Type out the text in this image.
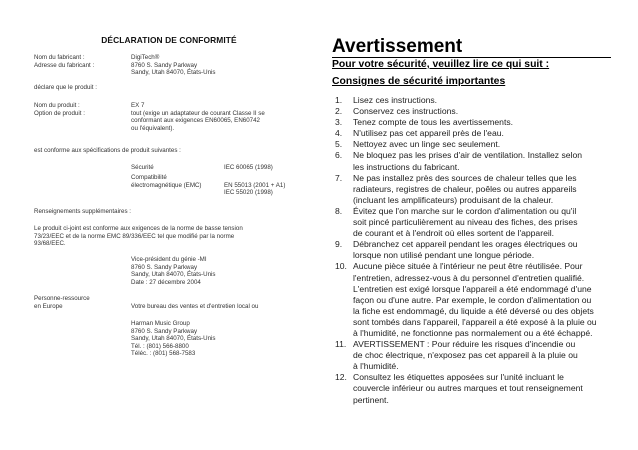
DÉCLARATION DE CONFORMITÉ
Nom du fabricant :	DigiTech®
Adresse du fabricant :	8760 S. Sandy Parkway
Sandy, Utah 84070, États-Unis
déclare que le produit :
Nom du produit :	EX 7
Option de produit :	tout (exige un adaptateur de courant Classe II se
conformant aux exigences EN60065, EN60742
ou l'équivalent).
est conforme aux spécifications de produit suivantes :
Sécurité	IEC 60065 (1998)
Compatibilité
électromagnétique (EMC)	EN 55013 (2001 + A1)
IEC 55020 (1998)
Renseignements supplémentaires :
Le produit ci-joint est conforme aux exigences de la norme de basse tension
73/23/EEC et de la norme EMC 89/336/EEC tel que modifié par la norme
93/68/EEC.
Vice-président du génie -MI
8760 S. Sandy Parkway
Sandy, Utah 84070, États-Unis
Date : 27 décembre 2004
Personne-ressource
en Europe	Votre bureau des ventes et d'entretien local ou
Harman Music Group
8760 S. Sandy Parkway
Sandy, Utah 84070, États-Unis
Tél. : (801) 566-8800
Téléc. : (801) 568-7583
Avertissement
Pour votre sécurité, veuillez lire ce qui suit :
Consignes de sécurité importantes
1. Lisez ces instructions.
2. Conservez ces instructions.
3. Tenez compte de tous les avertissements.
4. N'utilisez pas cet appareil près de l'eau.
5. Nettoyez avec un linge sec seulement.
6. Ne bloquez pas les prises d'air de ventilation. Installez selon
les instructions du fabricant.
7. Ne pas installez près des sources de chaleur telles que les
radiateurs, registres de chaleur, poêles ou autres appareils
(incluant les amplificateurs) produisant de la chaleur.
8. Évitez que l'on marche sur le cordon d'alimentation ou qu'il
soit pincé particulièrement au niveau des fiches, des prises
de courant et à l'endroit où elles sortent de l'appareil.
9. Débranchez cet appareil pendant les orages électriques ou
lorsque non utilisé pendant une longue période.
10. Aucune pièce située à l'intérieur ne peut être réutilisée. Pour
l'entretien, adressez-vous à du personnel d'entretien qualifié.
L'entretien est exigé lorsque l'appareil a été endommagé d'une
façon ou d'une autre. Par exemple, le cordon d'alimentation ou
la fiche est endommagé, du liquide a été déversé ou des objets
sont tombés dans l'appareil, l'appareil a été exposé à la pluie ou
à l'humidité, ne fonctionne pas normalement ou a été échappé.
11. AVERTISSEMENT : Pour réduire les risques d'incendie ou
de choc électrique, n'exposez pas cet appareil à la pluie ou
à l'humidité.
12. Consultez les étiquettes apposées sur l'unité incluant le
couvercle inférieur ou autres marques et tout renseignement
pertinent.
